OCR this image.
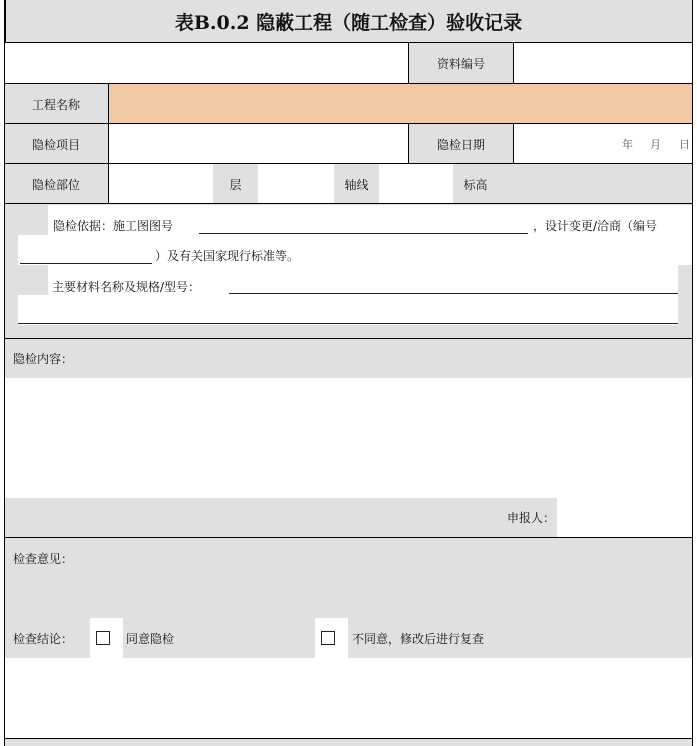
表B.0.2 隐蔽工程（随工检查）验收记录
资料编号
工程名称
隐检项目	隐检日期	年 月 日
隐检部位	层	轴线	标高
隐检依据：施工图图号	，设计变更/洽商（编号
）及有关国家现行标准等。
主要材料名称及规格/型号：
隐检内容：
申报人：
检查意见：
检查结论：	同意隐检	不同意，修改后进行复查
